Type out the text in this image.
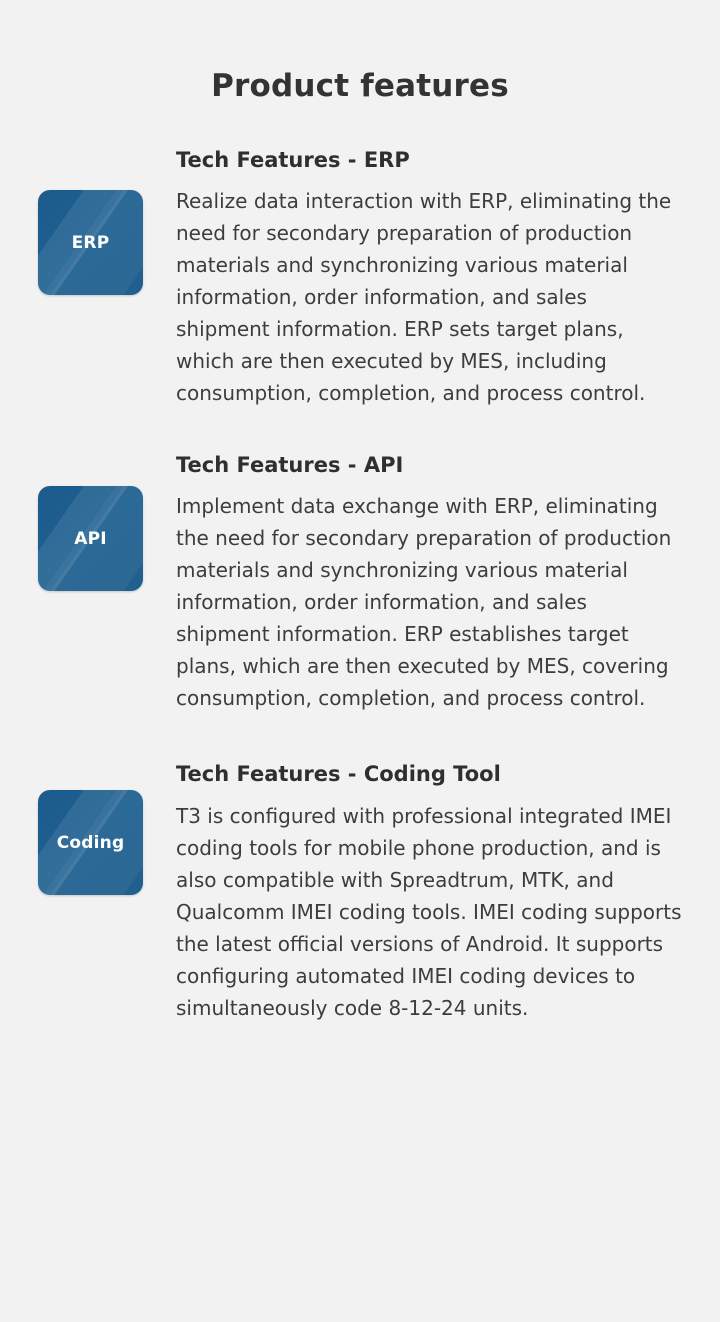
Product features
ERP
Tech Features - ERP

Realize data interaction with ERP, eliminating the need for secondary preparation of production materials and synchronizing various material information, order information, and sales shipment information. ERP sets target plans, which are then executed by MES, including consumption, completion, and process control.

API
Tech Features - API

Implement data exchange with ERP, eliminating the need for secondary preparation of production materials and synchronizing various material information, order information, and sales shipment information. ERP establishes target plans, which are then executed by MES, covering consumption, completion, and process control.

Coding
Tech Features - Coding Tool

T3 is configured with professional integrated IMEI coding tools for mobile phone production, and is also compatible with Spreadtrum, MTK, and Qualcomm IMEI coding tools. IMEI coding supports the latest official versions of Android. It supports configuring automated IMEI coding devices to simultaneously code 8-12-24 units.
